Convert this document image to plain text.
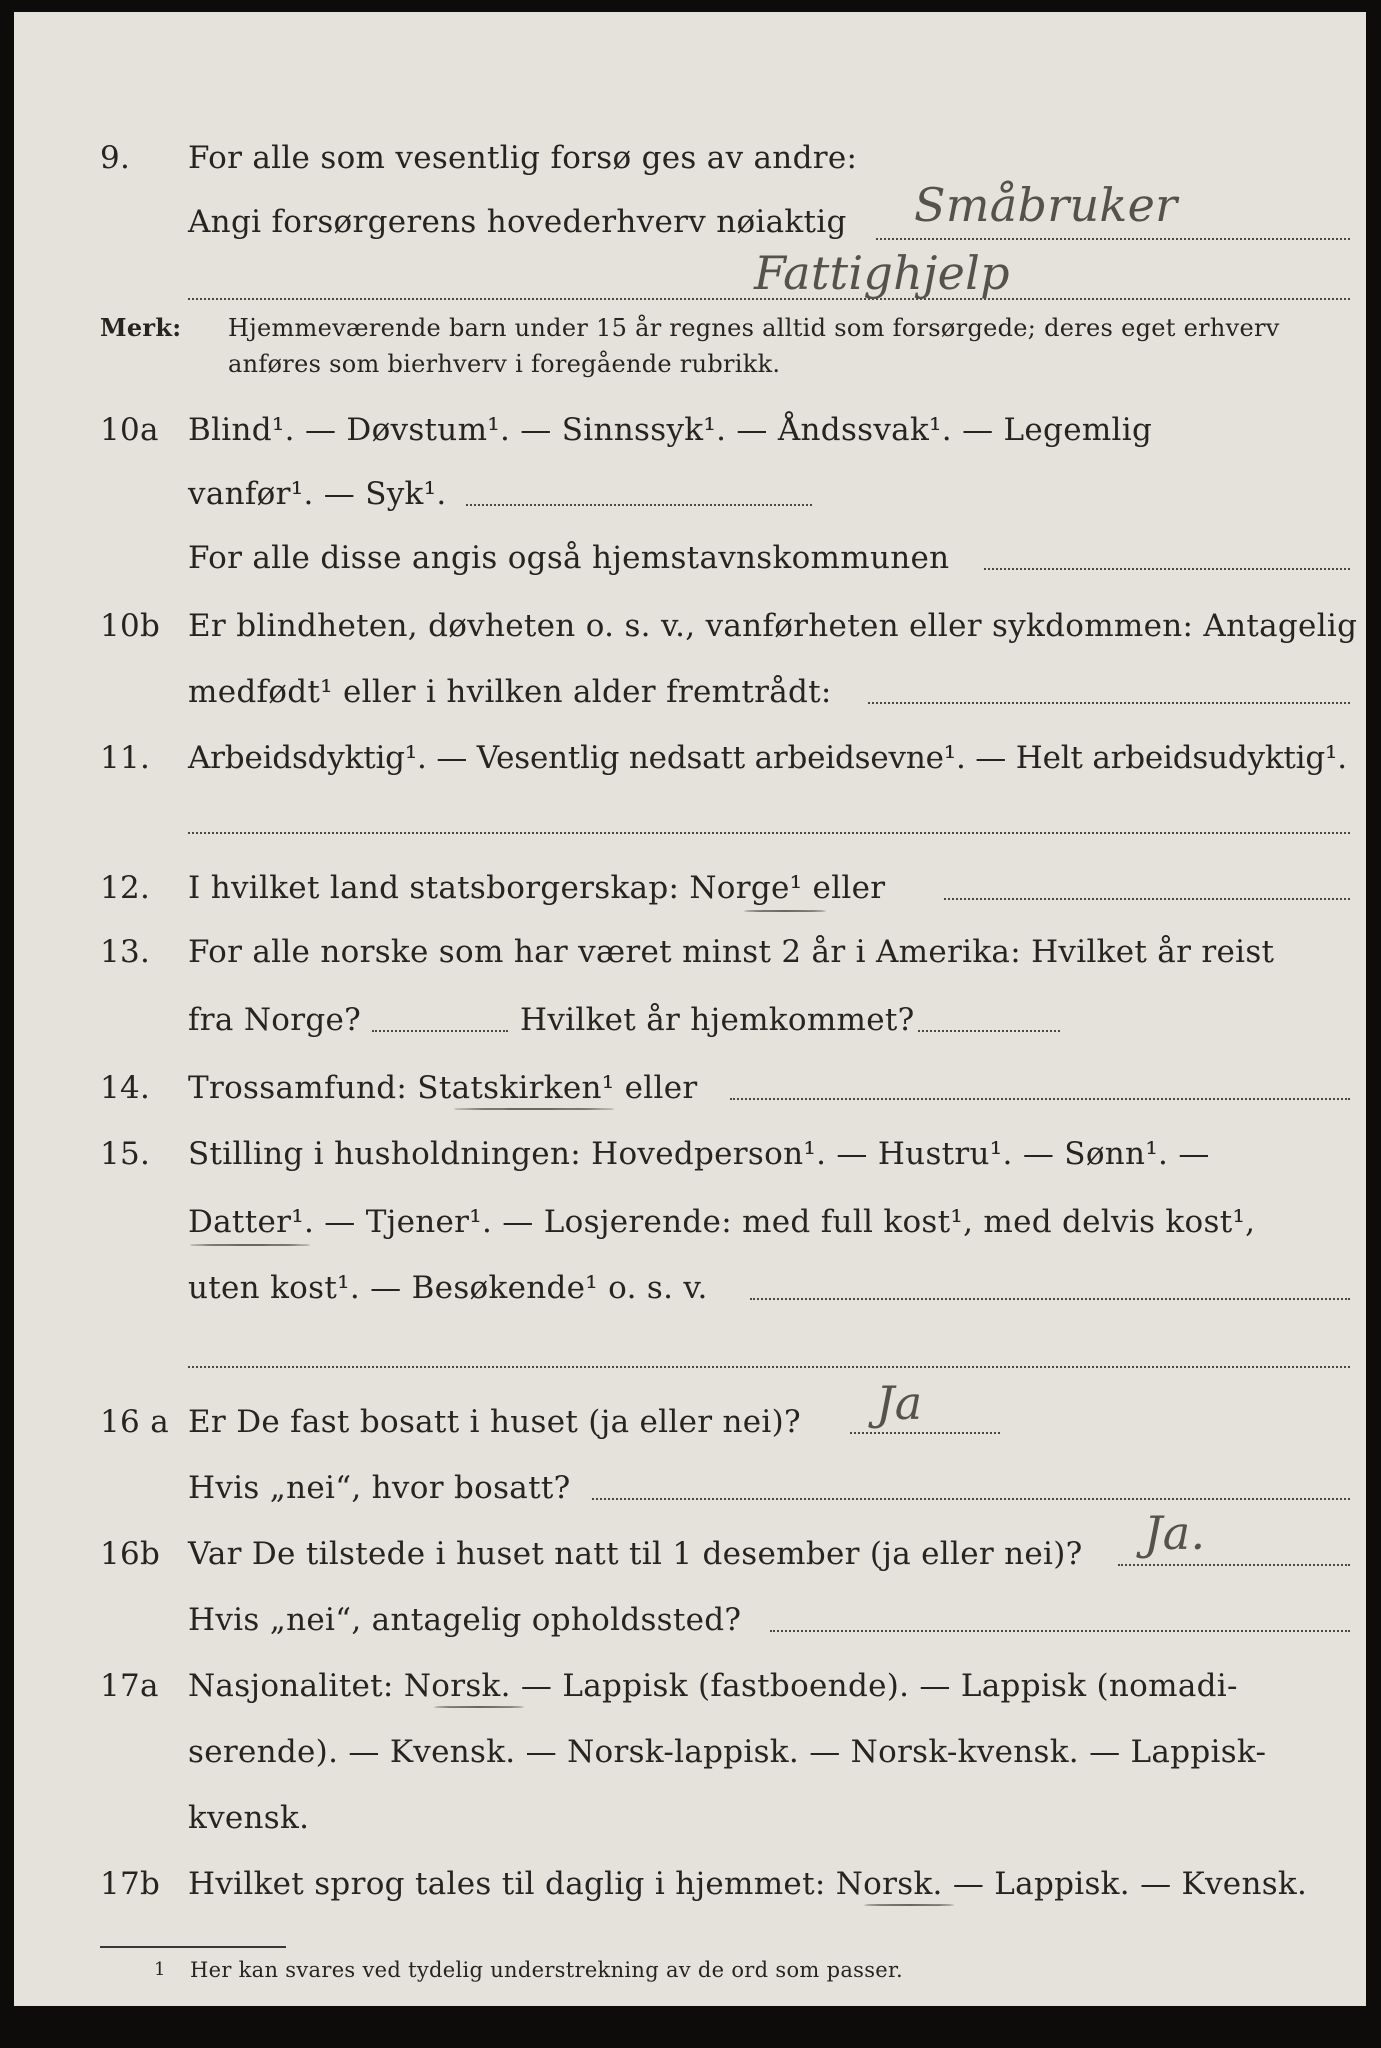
9. For alle som vesentlig forsø ges av andre:
Angi forsørgerens hovederhverv nøiaktig Småbruker
Fattighjelp
Merk: Hjemmeværende barn under 15 år regnes alltid som forsørgede; deres eget erhverv
anføres som bierhverv i foregående rubrikk.
10a Blind¹. — Døvstum¹. — Sinnssyk¹. — Åndssvak¹. — Legemlig
vanfør¹. — Syk¹.
For alle disse angis også hjemstavnskommunen
10b Er blindheten, døvheten o. s. v., vanførheten eller sykdommen: Antagelig
medfødt¹ eller i hvilken alder fremtrådt:
11. Arbeidsdyktig¹. — Vesentlig nedsatt arbeidsevne¹. — Helt arbeidsudyktig¹.
12. I hvilket land statsborgerskap: Norge¹ eller
13. For alle norske som har været minst 2 år i Amerika: Hvilket år reist
fra Norge?	Hvilket år hjemkommet?
14. Trossamfund: Statskirken¹ eller
15. Stilling i husholdningen: Hovedperson¹. — Hustru¹. — Sønn¹. —
Datter¹. — Tjener¹. — Losjerende: med full kost¹, med delvis kost¹,
uten kost¹. — Besøkende¹ o. s. v.
16 a Er De fast bosatt i huset (ja eller nei)? Ja
Hvis „nei“, hvor bosatt?
16b Var De tilstede i huset natt til 1 desember (ja eller nei)? Ja.
Hvis „nei“, antagelig opholdssted?
17a Nasjonalitet: Norsk. — Lappisk (fastboende). — Lappisk (nomadi-
serende). — Kvensk. — Norsk-lappisk. — Norsk-kvensk. — Lappisk-
kvensk.
17b Hvilket sprog tales til daglig i hjemmet: Norsk. — Lappisk. — Kvensk.
1 Her kan svares ved tydelig understrekning av de ord som passer.
